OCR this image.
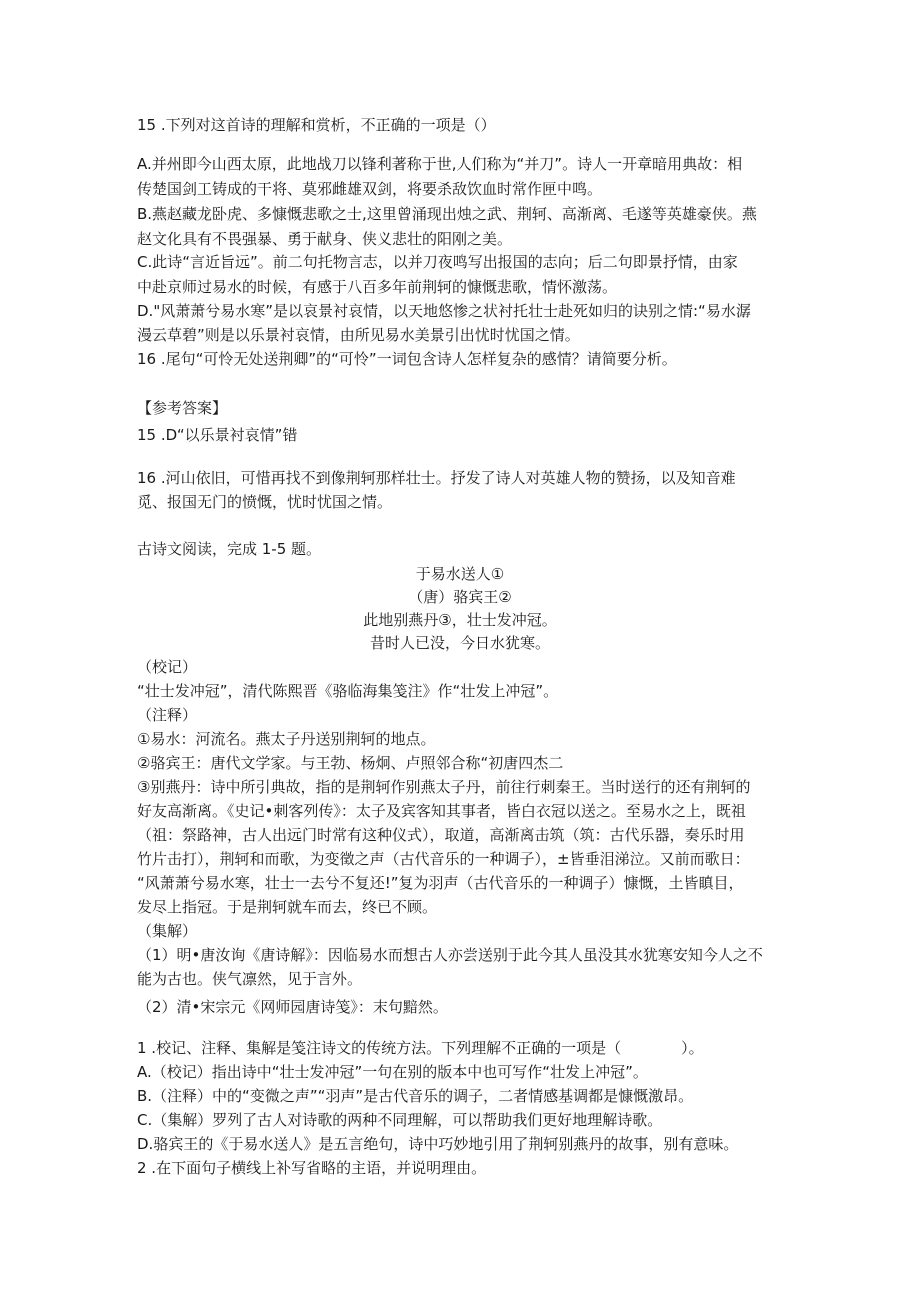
15 .下列对这首诗的理解和赏析，不正确的一项是（）
A.并州即今山西太原，此地战刀以锋利著称于世,人们称为“并刀”。诗人一开章暗用典故：相
传楚国剑工铸成的干将、莫邪雌雄双剑，将要杀敌饮血时常作匣中鸣。
B.燕赵藏龙卧虎、多慷慨悲歌之士,这里曾涌现出烛之武、荆轲、高渐离、毛遂等英雄豪侠。燕
赵文化具有不畏强暴、勇于献身、侠义悲壮的阳刚之美。
C.此诗“言近旨远”。前二句托物言志，以并刀夜鸣写出报国的志向；后二句即景抒情，由家
中赴京师过易水的时候，有感于八百多年前荆轲的慷慨悲歌，情怀激荡。
D."风萧萧兮易水寒”是以哀景衬哀情，以天地悠惨之状衬托壮士赴死如归的诀别之情:“易水潺
漫云草碧”则是以乐景衬哀情，由所见易水美景引出忧时忧国之情。
16 .尾句“可怜无处送荆卿”的“可怜”一词包含诗人怎样复杂的感情？请简要分析。
【参考答案】
15 .D“以乐景衬哀情”错
16 .河山依旧，可惜再找不到像荆轲那样壮士。抒发了诗人对英雄人物的赞扬，以及知音难
觅、报国无门的愤慨，忧时忧国之情。
古诗文阅读，完成 1-5 题。
于易水送人①
（唐）骆宾王②
此地别燕丹③，壮士发冲冠。
昔时人已没，今日水犹寒。
（校记）
“壮士发冲冠”，清代陈熙晋《骆临海集笺注》作“壮发上冲冠”。
（注释）
①易水：河流名。燕太子丹送别荆轲的地点。
②骆宾王：唐代文学家。与王勃、杨炯、卢照邻合称“初唐四杰二
③别燕丹：诗中所引典故，指的是荆轲作别燕太子丹，前往行刺秦王。当时送行的还有荆轲的
好友高渐离。《史记•刺客列传》：太子及宾客知其事者，皆白衣冠以送之。至易水之上，既祖
（祖：祭路神，古人出远门时常有这种仪式），取道，高渐离击筑（筑：古代乐器，奏乐时用
竹片击打），荆轲和而歌，为变徵之声（古代音乐的一种调子），±皆垂泪涕泣。又前而歌日：
“风萧萧兮易水寒，壮士一去兮不复还!”复为羽声（古代音乐的一种调子）慷慨，土皆瞋目，
发尽上指冠。于是荆轲就车而去，终已不顾。
（集解）
（1）明•唐汝询《唐诗解》：因临易水而想古人亦尝送别于此今其人虽没其水犹寒安知今人之不
能为古也。侠气凛然，见于言外。
（2）清•宋宗元《网师园唐诗笺》：末句黯然。
1 .校记、注释、集解是笺注诗文的传统方法。下列理解不正确的一项是（　　　　）。
A.（校记）指出诗中“壮士发冲冠”一句在别的版本中也可写作“壮发上冲冠”。
B.（注释）中的“变微之声”“羽声”是古代音乐的调子，二者情感基调都是慷慨激昂。
C.（集解）罗列了古人对诗歌的两种不同理解，可以帮助我们更好地理解诗歌。
D.骆宾王的《于易水送人》是五言绝句，诗中巧妙地引用了荆轲别燕丹的故事，别有意味。
2 .在下面句子横线上补写省略的主语，并说明理由。
